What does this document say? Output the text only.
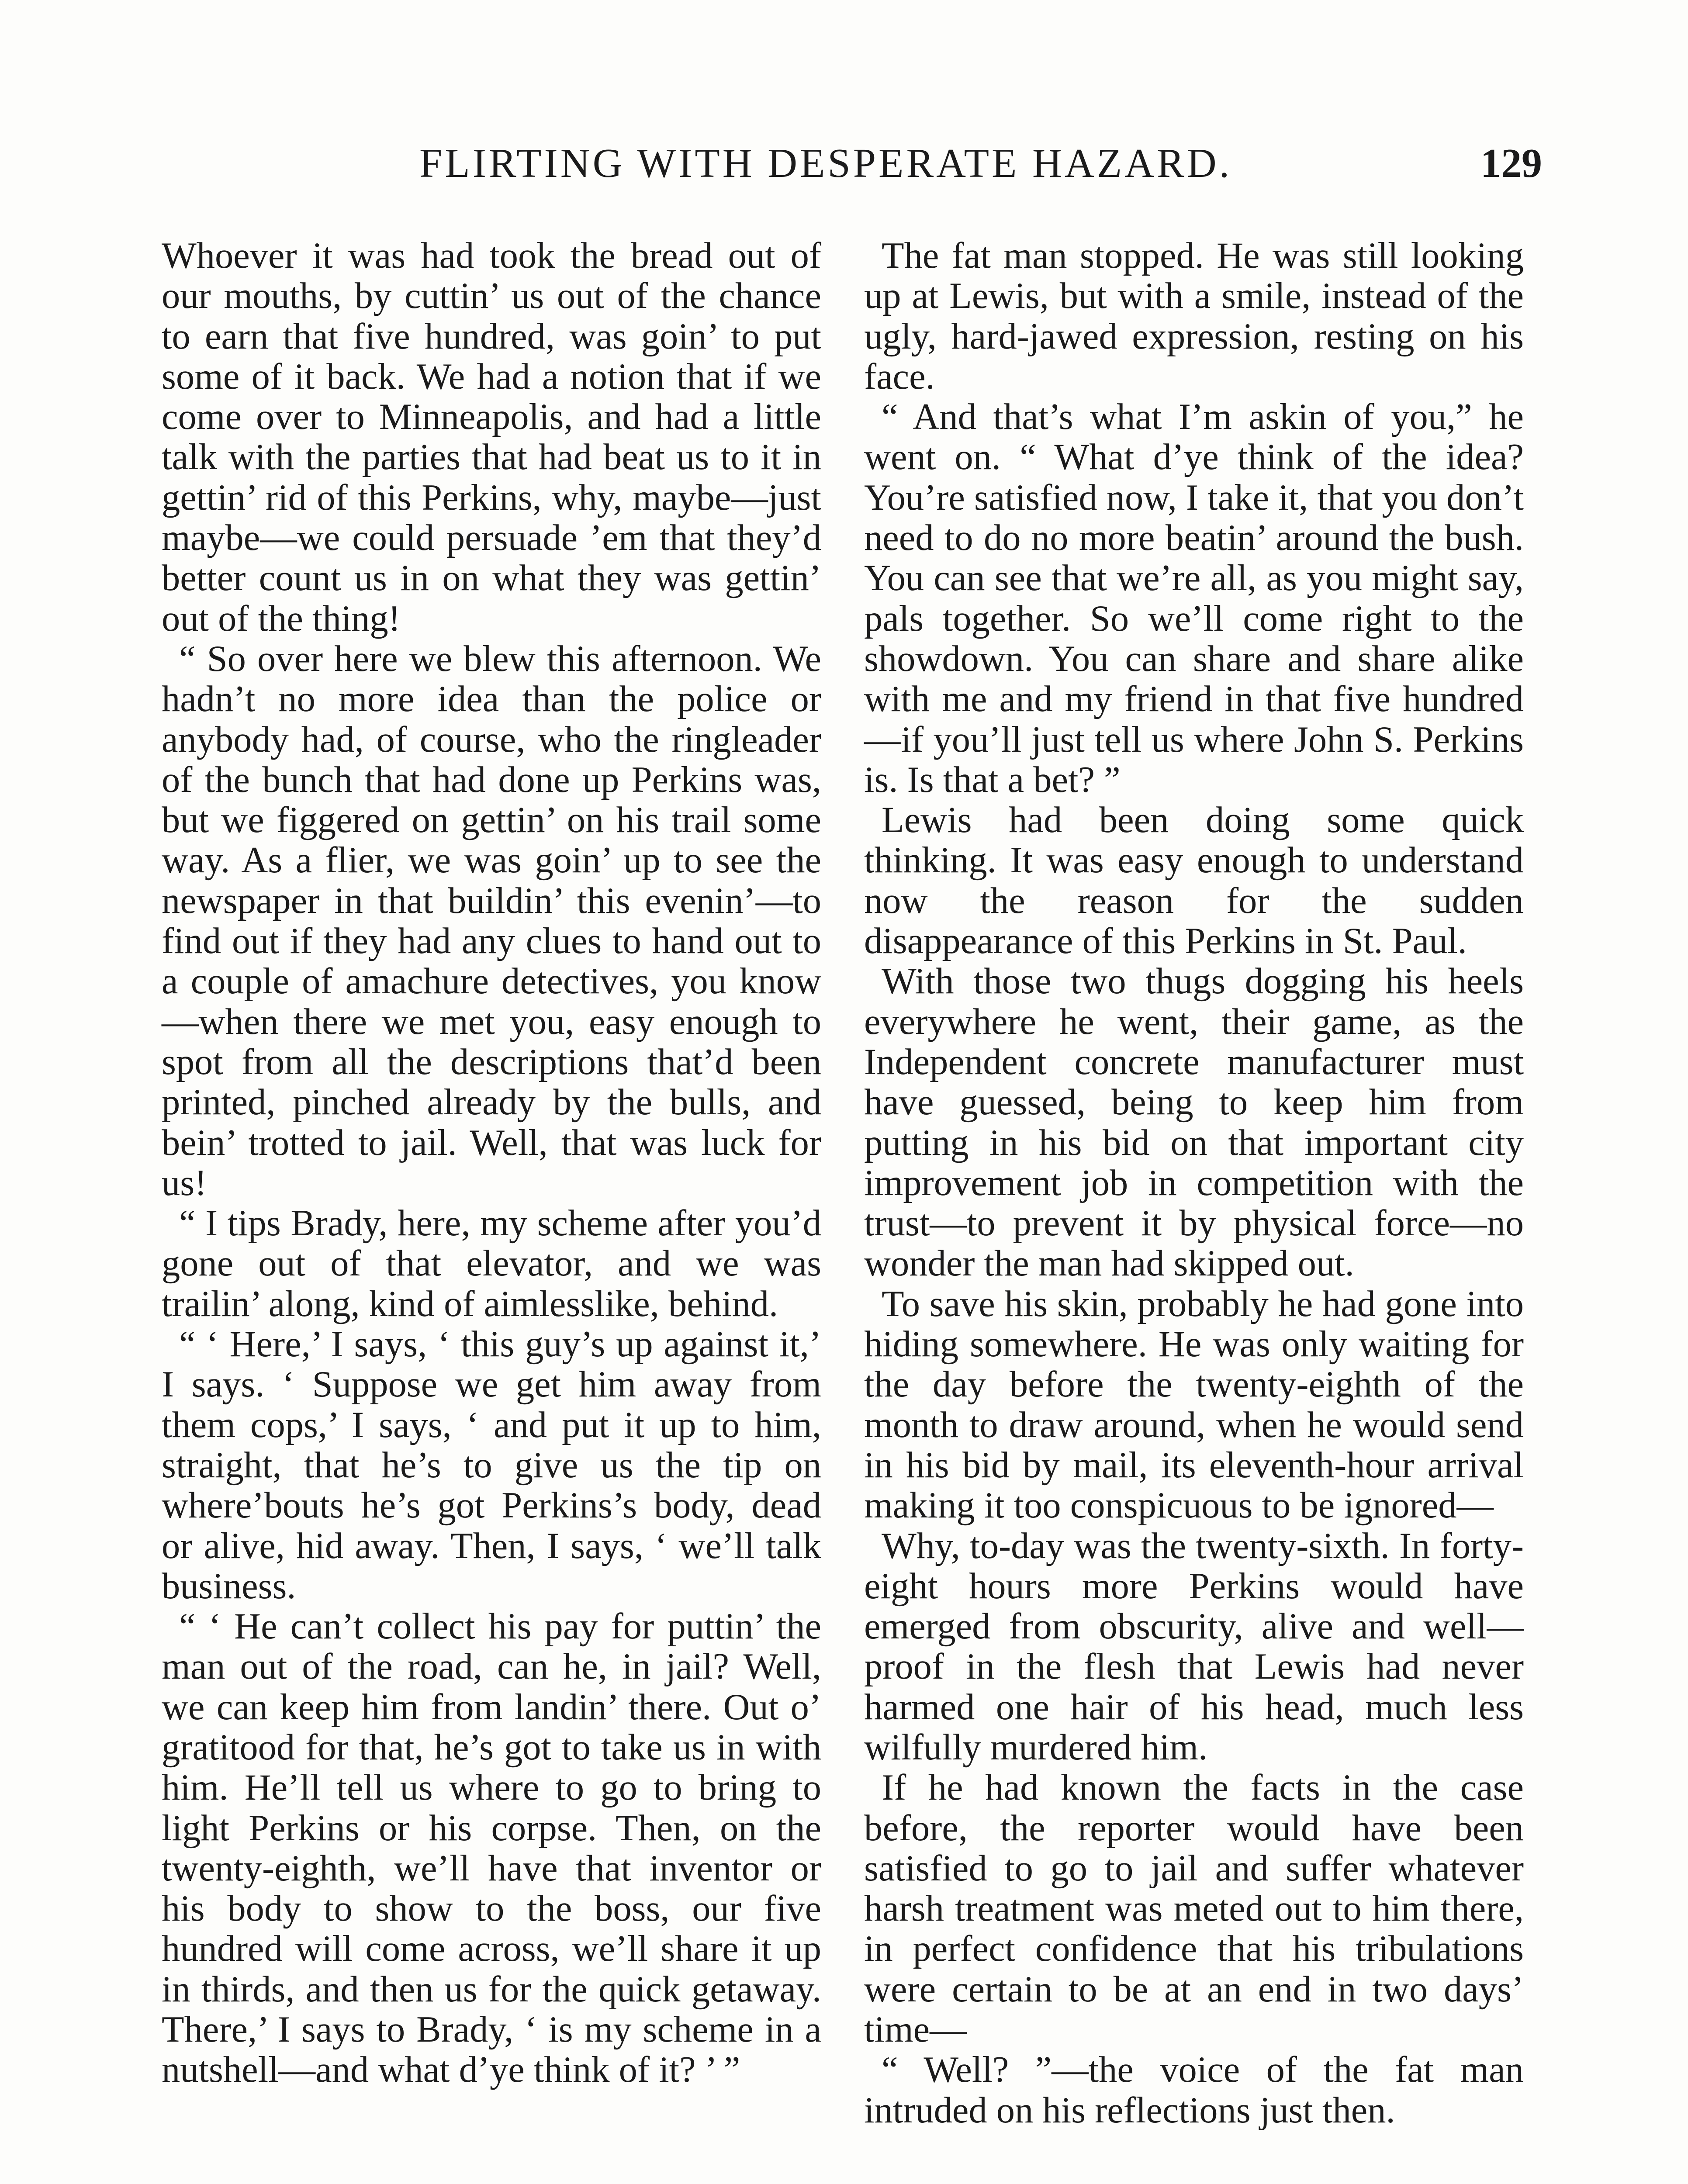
FLIRTING WITH DESPERATE HAZARD.	129

Whoever it was had took the bread out of our mouths, by cuttin’ us out of the chance to earn that five hundred, was goin’ to put some of it back. We had a notion that if we come over to Minneapolis, and had a little talk with the parties that had beat us to it in gettin’ rid of this Perkins, why, maybe—just maybe—we could persuade ’em that they’d better count us in on what they was gettin’ out of the thing!

“ So over here we blew this afternoon. We hadn’t no more idea than the police or anybody had, of course, who the ringleader of the bunch that had done up Perkins was, but we figgered on gettin’ on his trail some way. As a flier, we was goin’ up to see the newspaper in that buildin’ this evenin’—to find out if they had any clues to hand out to a couple of amachure detectives, you know—when there we met you, easy enough to spot from all the descriptions that’d been printed, pinched already by the bulls, and bein’ trotted to jail. Well, that was luck for us!

“ I tips Brady, here, my scheme after you’d gone out of that elevator, and we was trailin’ along, kind of aimlesslike, behind.

“ ‘ Here,’ I says, ‘ this guy’s up against it,’ I says. ‘ Suppose we get him away from them cops,’ I says, ‘ and put it up to him, straight, that he’s to give us the tip on where’bouts he’s got Perkins’s body, dead or alive, hid away. Then, I says, ‘ we’ll talk business.

“ ‘ He can’t collect his pay for puttin’ the man out of the road, can he, in jail? Well, we can keep him from landin’ there. Out o’ gratitood for that, he’s got to take us in with him. He’ll tell us where to go to bring to light Perkins or his corpse. Then, on the twenty-eighth, we’ll have that inventor or his body to show to the boss, our five hundred will come across, we’ll share it up in thirds, and then us for the quick getaway. There,’ I says to Brady, ‘ is my scheme in a nutshell—and what d’ye think of it? ’ ”

The fat man stopped. He was still looking up at Lewis, but with a smile, instead of the ugly, hard-jawed expression, resting on his face.

“ And that’s what I’m askin of you,” he went on. “ What d’ye think of the idea? You’re satisfied now, I take it, that you don’t need to do no more beatin’ around the bush. You can see that we’re all, as you might say, pals together. So we’ll come right to the showdown. You can share and share alike with me and my friend in that five hundred—if you’ll just tell us where John S. Perkins is. Is that a bet? ”

Lewis had been doing some quick thinking. It was easy enough to understand now the reason for the sudden disappearance of this Perkins in St. Paul.

With those two thugs dogging his heels everywhere he went, their game, as the Independent concrete manufacturer must have guessed, being to keep him from putting in his bid on that important city improvement job in competition with the trust—to prevent it by physical force—no wonder the man had skipped out.

To save his skin, probably he had gone into hiding somewhere. He was only waiting for the day before the twenty-eighth of the month to draw around, when he would send in his bid by mail, its eleventh-hour arrival making it too conspicuous to be ignored—

Why, to-day was the twenty-sixth. In forty-eight hours more Perkins would have emerged from obscurity, alive and well—proof in the flesh that Lewis had never harmed one hair of his head, much less wilfully murdered him.

If he had known the facts in the case before, the reporter would have been satisfied to go to jail and suffer whatever harsh treatment was meted out to him there, in perfect confidence that his tribulations were certain to be at an end in two days’ time—

“ Well? ”—the voice of the fat man intruded on his reflections just then.
